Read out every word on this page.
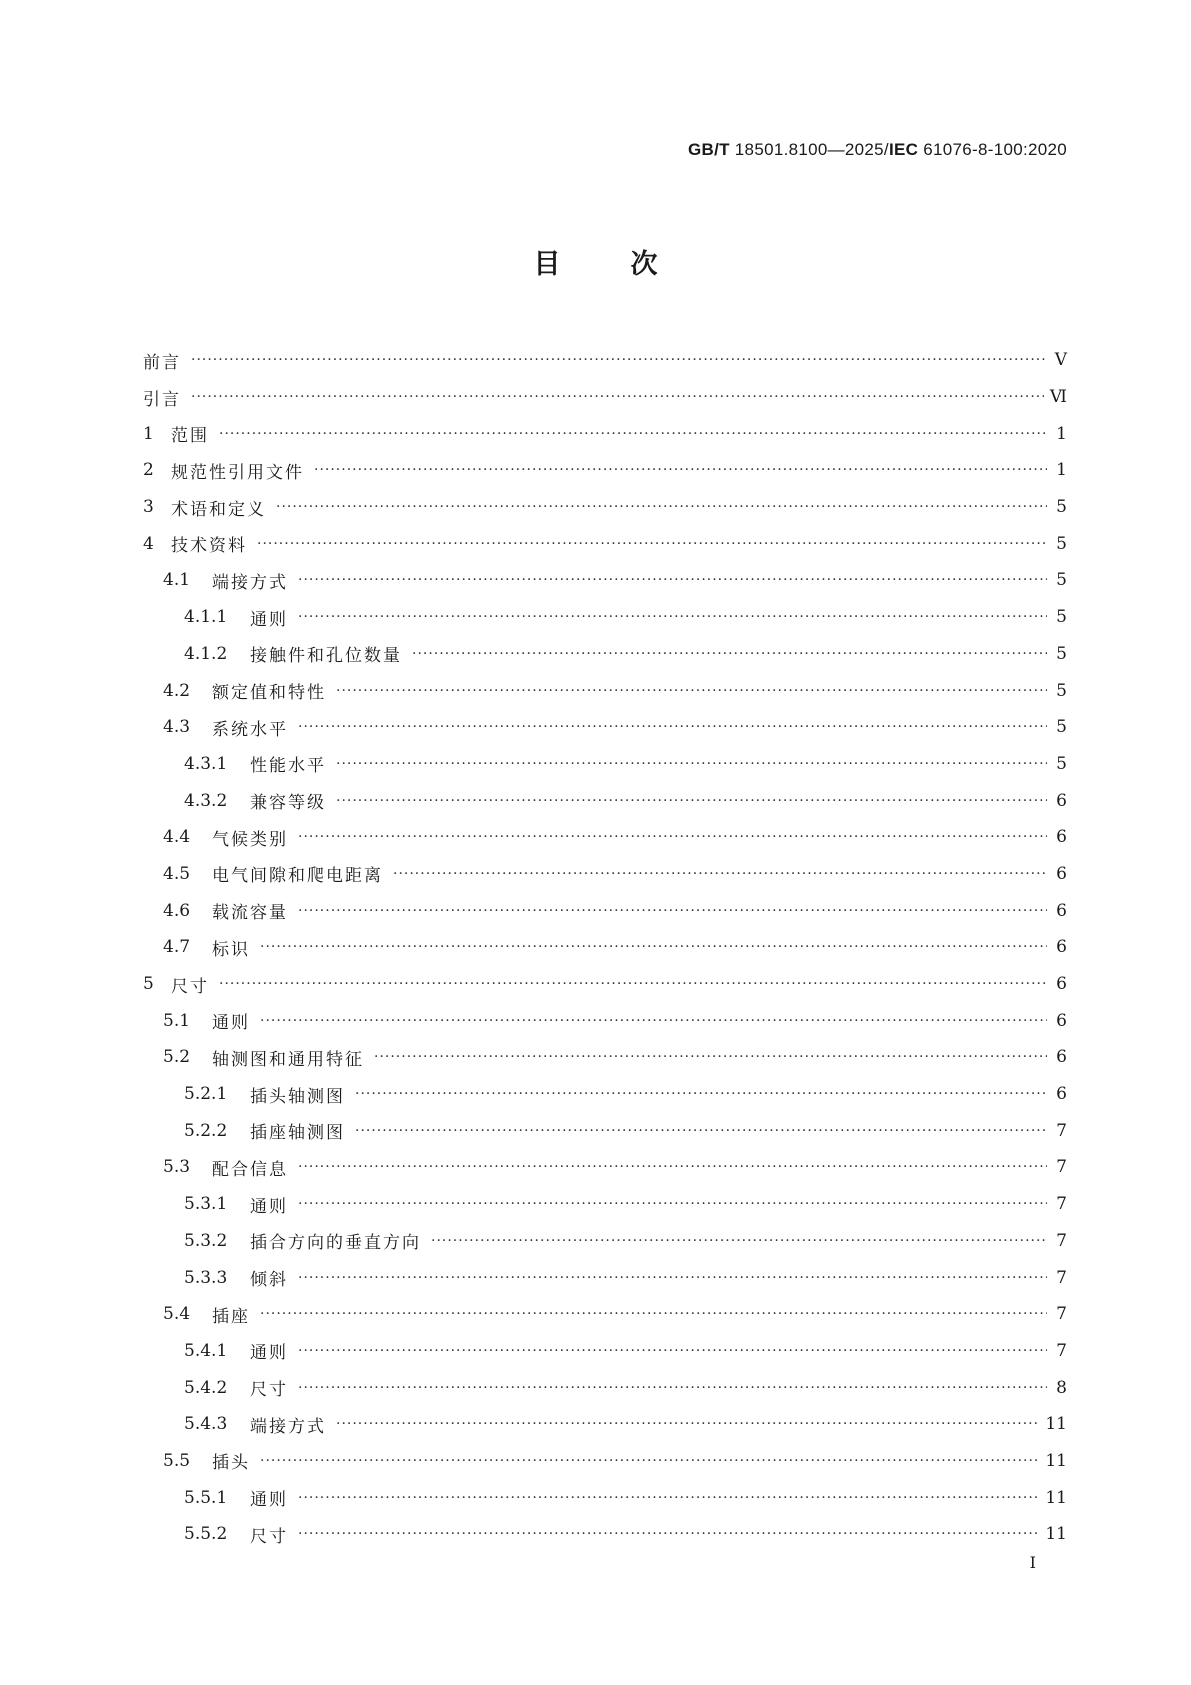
GB/T 18501.8100—2025/IEC 61076-8-100:2020
目	次
前言 ·····	Ⅴ
引言 ·····	Ⅵ
1	范围 ·····	1
2	规范性引用文件 ·····	1
3	术语和定义 ·····	5
4	技术资料 ·····	5
4.1	端接方式 ·····	5
4.1.1	通则 ·····	5
4.1.2	接触件和孔位数量 ·····	5
4.2	额定值和特性 ·····	5
4.3	系统水平 ·····	5
4.3.1	性能水平 ·····	5
4.3.2	兼容等级 ·····	6
4.4	气候类别 ·····	6
4.5	电气间隙和爬电距离 ·····	6
4.6	载流容量 ·····	6
4.7	标识 ·····	6
5	尺寸 ·····	6
5.1	通则 ·····	6
5.2	轴测图和通用特征 ·····	6
5.2.1	插头轴测图 ·····	6
5.2.2	插座轴测图 ·····	7
5.3	配合信息 ·····	7
5.3.1	通则 ·····	7
5.3.2	插合方向的垂直方向 ·····	7
5.3.3	倾斜 ·····	7
5.4	插座 ·····	7
5.4.1	通则 ·····	7
5.4.2	尺寸 ·····	8
5.4.3	端接方式 ·····	11
5.5	插头 ·····	11
5.5.1	通则 ·····	11
5.5.2	尺寸 ·····	11
I
